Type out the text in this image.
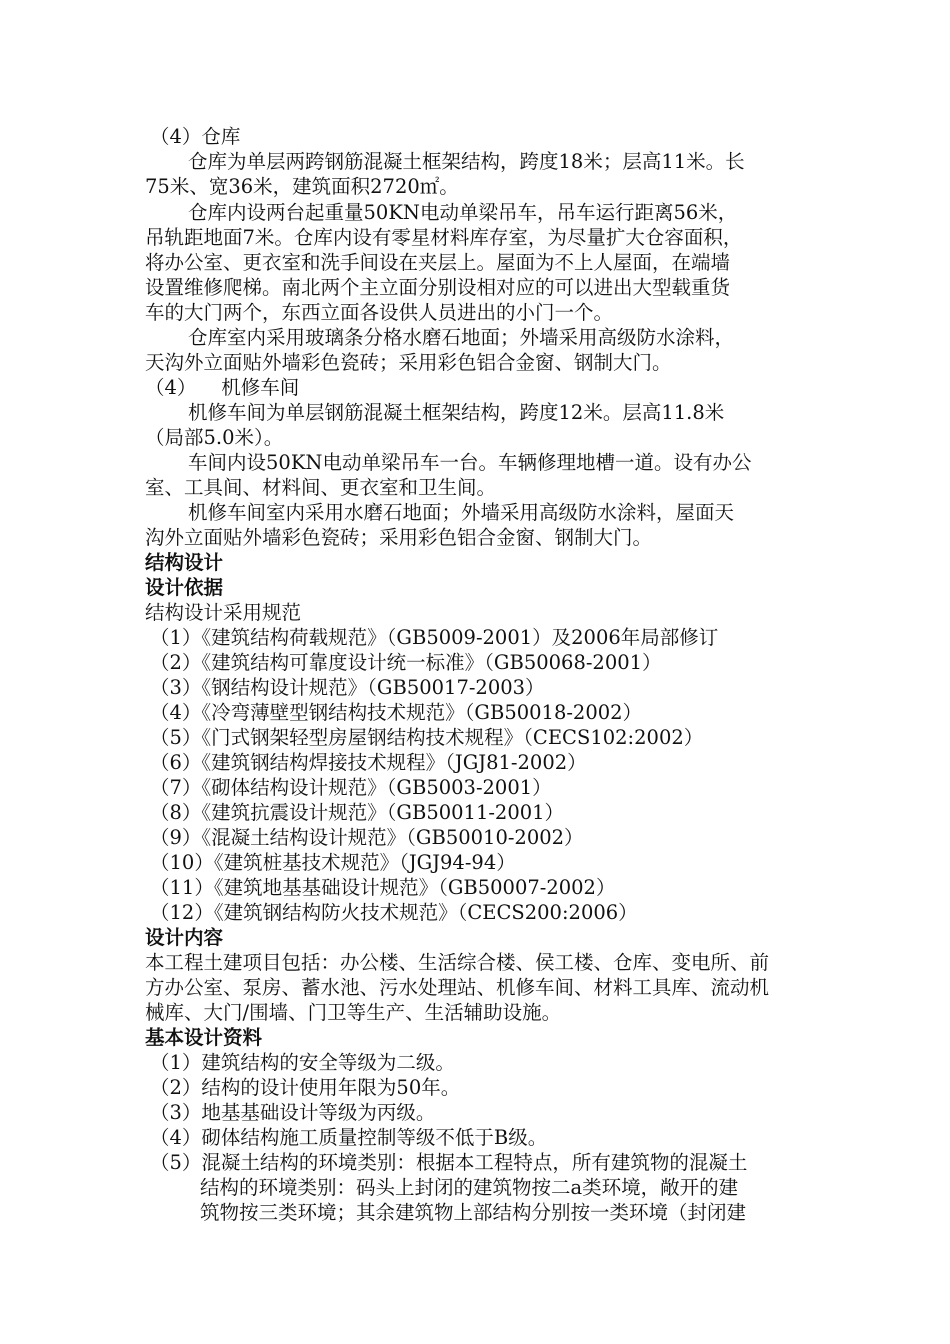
（4）仓库
仓库为单层两跨钢筋混凝土框架结构，跨度18米；层高11米。长
75米、宽36米，建筑面积2720㎡。
仓库内设两台起重量50KN电动单梁吊车，吊车运行距离56米，
吊轨距地面7米。仓库内设有零星材料库存室，为尽量扩大仓容面积，
将办公室、更衣室和洗手间设在夹层上。屋面为不上人屋面，在端墙
设置维修爬梯。南北两个主立面分别设相对应的可以进出大型载重货
车的大门两个，东西立面各设供人员进出的小门一个。
仓库室内采用玻璃条分格水磨石地面；外墙采用高级防水涂料，
天沟外立面贴外墙彩色瓷砖；采用彩色铝合金窗、钢制大门。
（4）    机修车间
机修车间为单层钢筋混凝土框架结构，跨度12米。层高11.8米
（局部5.0米）。
车间内设50KN电动单梁吊车一台。车辆修理地槽一道。设有办公
室、工具间、材料间、更衣室和卫生间。
机修车间室内采用水磨石地面；外墙采用高级防水涂料，屋面天
沟外立面贴外墙彩色瓷砖；采用彩色铝合金窗、钢制大门。
结构设计
设计依据
结构设计采用规范
（1）《建筑结构荷载规范》（GB5009-2001）及2006年局部修订
（2）《建筑结构可靠度设计统一标准》（GB50068-2001）
（3）《钢结构设计规范》（GB50017-2003）
（4）《冷弯薄壁型钢结构技术规范》（GB50018-2002）
（5）《门式钢架轻型房屋钢结构技术规程》（CECS102:2002）
（6）《建筑钢结构焊接技术规程》（JGJ81-2002）
（7）《砌体结构设计规范》（GB5003-2001）
（8）《建筑抗震设计规范》（GB50011-2001）
（9）《混凝土结构设计规范》（GB50010-2002）
（10）《建筑桩基技术规范》（JGJ94-94）
（11）《建筑地基基础设计规范》（GB50007-2002）
（12）《建筑钢结构防火技术规范》（CECS200:2006）
设计内容
本工程土建项目包括：办公楼、生活综合楼、侯工楼、仓库、变电所、前
方办公室、泵房、蓄水池、污水处理站、机修车间、材料工具库、流动机
械库、大门/围墙、门卫等生产、生活辅助设施。
基本设计资料
（1）建筑结构的安全等级为二级。
（2）结构的设计使用年限为50年。
（3）地基基础设计等级为丙级。
（4）砌体结构施工质量控制等级不低于B级。
（5）混凝土结构的环境类别：根据本工程特点，所有建筑物的混凝土
结构的环境类别：码头上封闭的建筑物按二a类环境，敞开的建
筑物按三类环境；其余建筑物上部结构分别按一类环境（封闭建
